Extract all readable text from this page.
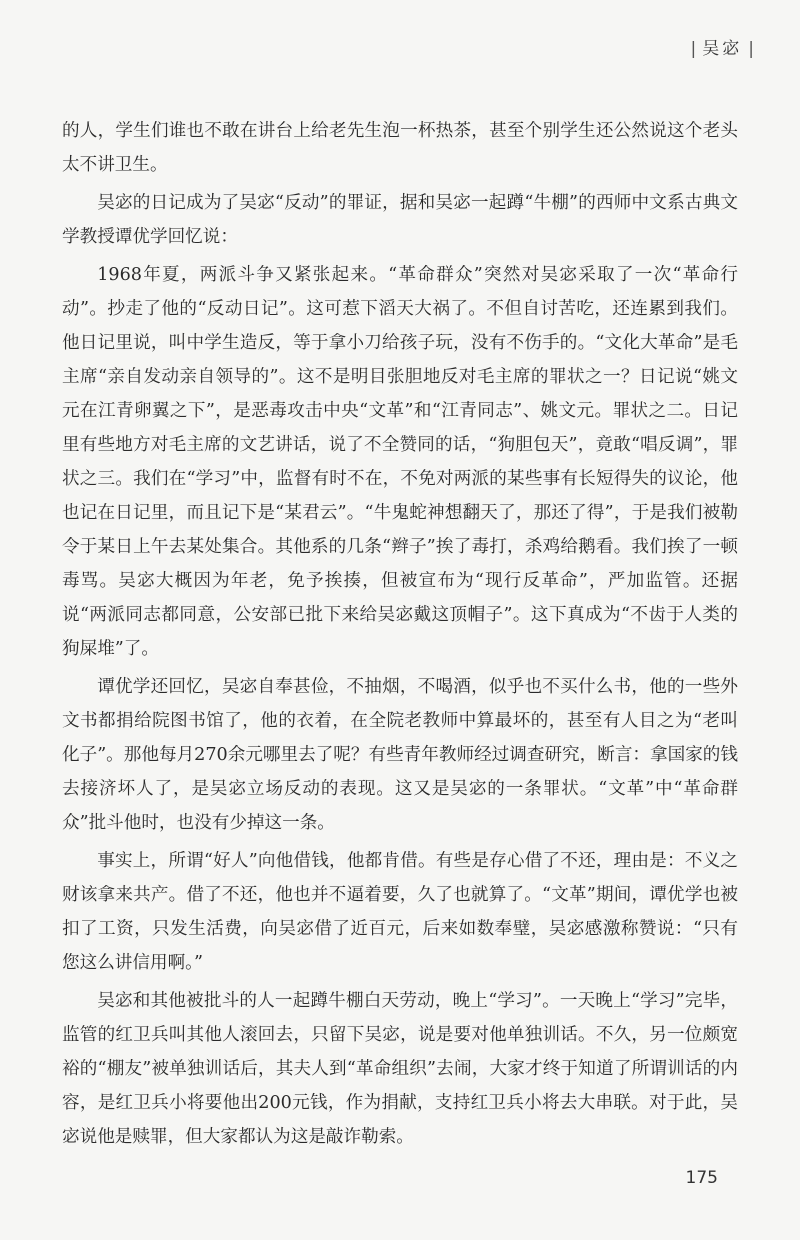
| 吴宓 |

的人，学生们谁也不敢在讲台上给老先生泡一杯热茶，甚至个别学生还公然说这个老头太不讲卫生。

吴宓的日记成为了吴宓“反动”的罪证，据和吴宓一起蹲“牛棚”的西师中文系古典文学教授谭优学回忆说：

1968年夏，两派斗争又紧张起来。“革命群众”突然对吴宓采取了一次“革命行动”。抄走了他的“反动日记”。这可惹下滔天大祸了。不但自讨苦吃，还连累到我们。他日记里说，叫中学生造反，等于拿小刀给孩子玩，没有不伤手的。“文化大革命”是毛主席“亲自发动亲自领导的”。这不是明目张胆地反对毛主席的罪状之一？日记说“姚文元在江青卵翼之下”，是恶毒攻击中央“文革”和“江青同志”、姚文元。罪状之二。日记里有些地方对毛主席的文艺讲话，说了不全赞同的话，“狗胆包天”，竟敢“唱反调”，罪状之三。我们在“学习”中，监督有时不在，不免对两派的某些事有长短得失的议论，他也记在日记里，而且记下是“某君云”。“牛鬼蛇神想翻天了，那还了得”，于是我们被勒令于某日上午去某处集合。其他系的几条“辫子”挨了毒打，杀鸡给鹅看。我们挨了一顿毒骂。吴宓大概因为年老，免予挨揍，但被宣布为“现行反革命”，严加监管。还据说“两派同志都同意，公安部已批下来给吴宓戴这顶帽子”。这下真成为“不齿于人类的狗屎堆”了。

谭优学还回忆，吴宓自奉甚俭，不抽烟，不喝酒，似乎也不买什么书，他的一些外文书都捐给院图书馆了，他的衣着，在全院老教师中算最坏的，甚至有人目之为“老叫化子”。那他每月270余元哪里去了呢？有些青年教师经过调查研究，断言：拿国家的钱去接济坏人了，是吴宓立场反动的表现。这又是吴宓的一条罪状。“文革”中“革命群众”批斗他时，也没有少掉这一条。

事实上，所谓“好人”向他借钱，他都肯借。有些是存心借了不还，理由是：不义之财该拿来共产。借了不还，他也并不逼着要，久了也就算了。“文革”期间，谭优学也被扣了工资，只发生活费，向吴宓借了近百元，后来如数奉璧，吴宓感激称赞说：“只有您这么讲信用啊。”

吴宓和其他被批斗的人一起蹲牛棚白天劳动，晚上“学习”。一天晚上“学习”完毕，监管的红卫兵叫其他人滚回去，只留下吴宓，说是要对他单独训话。不久，另一位颇宽裕的“棚友”被单独训话后，其夫人到“革命组织”去闹，大家才终于知道了所谓训话的内容，是红卫兵小将要他出200元钱，作为捐献，支持红卫兵小将去大串联。对于此，吴宓说他是赎罪，但大家都认为这是敲诈勒索。

175
